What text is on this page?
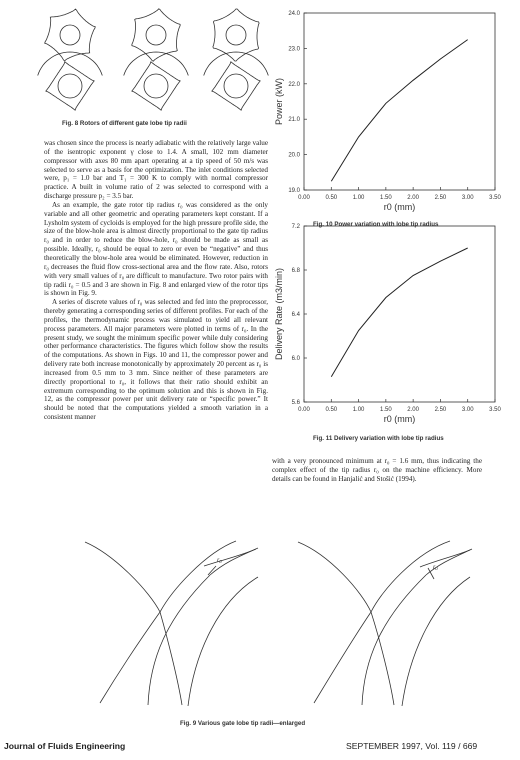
Fig. 8 Rotors of different gate lobe tip radii

was chosen since the process is nearly adiabatic with the relatively large value of the isentropic exponent γ close to 1.4. A small, 102 mm diameter compressor with axes 80 mm apart operating at a tip speed of 50 m/s was selected to serve as a basis for the optimization. The inlet conditions selected were, p₁ = 1.0 bar and T₁ = 300 K to comply with normal compressor practice. A built in volume ratio of 2 was selected to correspond with a discharge pressure p₂ = 3.5 bar.

As an example, the gate rotor tip radius r₀ was considered as the only variable and all other geometric and operating parameters kept constant. If a Lysholm system of cycloids is employed for the high pressure profile side, the size of the blow-hole area is almost directly proportional to the gate tip radius r₀ and in order to reduce the blow-hole, r₀ should be made as small as possible. Ideally, r₀ should be equal to zero or even be “negative” and thus theoretically the blow-hole area would be eliminated. However, reduction in r₀ decreases the fluid flow cross-sectional area and the flow rate. Also, rotors with very small values of r₀ are difficult to manufacture. Two rotor pairs with tip radii r₀ = 0.5 and 3 are shown in Fig. 8 and enlarged view of the rotor tips is shown in Fig. 9.

A series of discrete values of r₀ was selected and fed into the preprocessor, thereby generating a corresponding series of different profiles. For each of the profiles, the thermodynamic process was simulated to yield all relevant process parameters. All major parameters were plotted in terms of r₀. In the present study, we sought the minimum specific power while duly considering other performance characteristics. The figures which follow show the results of the computations. As shown in Figs. 10 and 11, the compressor power and delivery rate both increase monotonically by approximately 20 percent as r₀ is increased from 0.5 mm to 3 mm. Since neither of these parameters are directly proportional to r₀, it follows that their ratio should exhibit an extremum corresponding to the optimum solution and this is shown in Fig. 12, as the compressor power per unit delivery rate or “specific power.” It should be noted that the computations yielded a smooth variation in a consistent manner

0.00	0.50	1.00	1.50	2.00	2.50	3.00	3.50
19.0
20.0
21.0
22.0
23.0
24.0
r0 (mm)
Power (kW)
Fig. 10 Power variation with lobe tip radius
0.00	0.50	1.00	1.50	2.00	2.50	3.00	3.50
5.6
6.0
6.4
6.8
7.2
r0 (mm)
Delivery Rate (m3/min)
Fig. 11 Delivery variation with lobe tip radius

with a very pronounced minimum at r₀ = 1.6 mm, thus indicating the complex effect of the tip radius r₀ on the machine efficiency. More details can be found in Hanjalić and Stošić (1994).

r₀
r₀
Fig. 9 Various gate lobe tip radii—enlarged
Journal of Fluids Engineering	SEPTEMBER 1997, Vol. 119 / 669
